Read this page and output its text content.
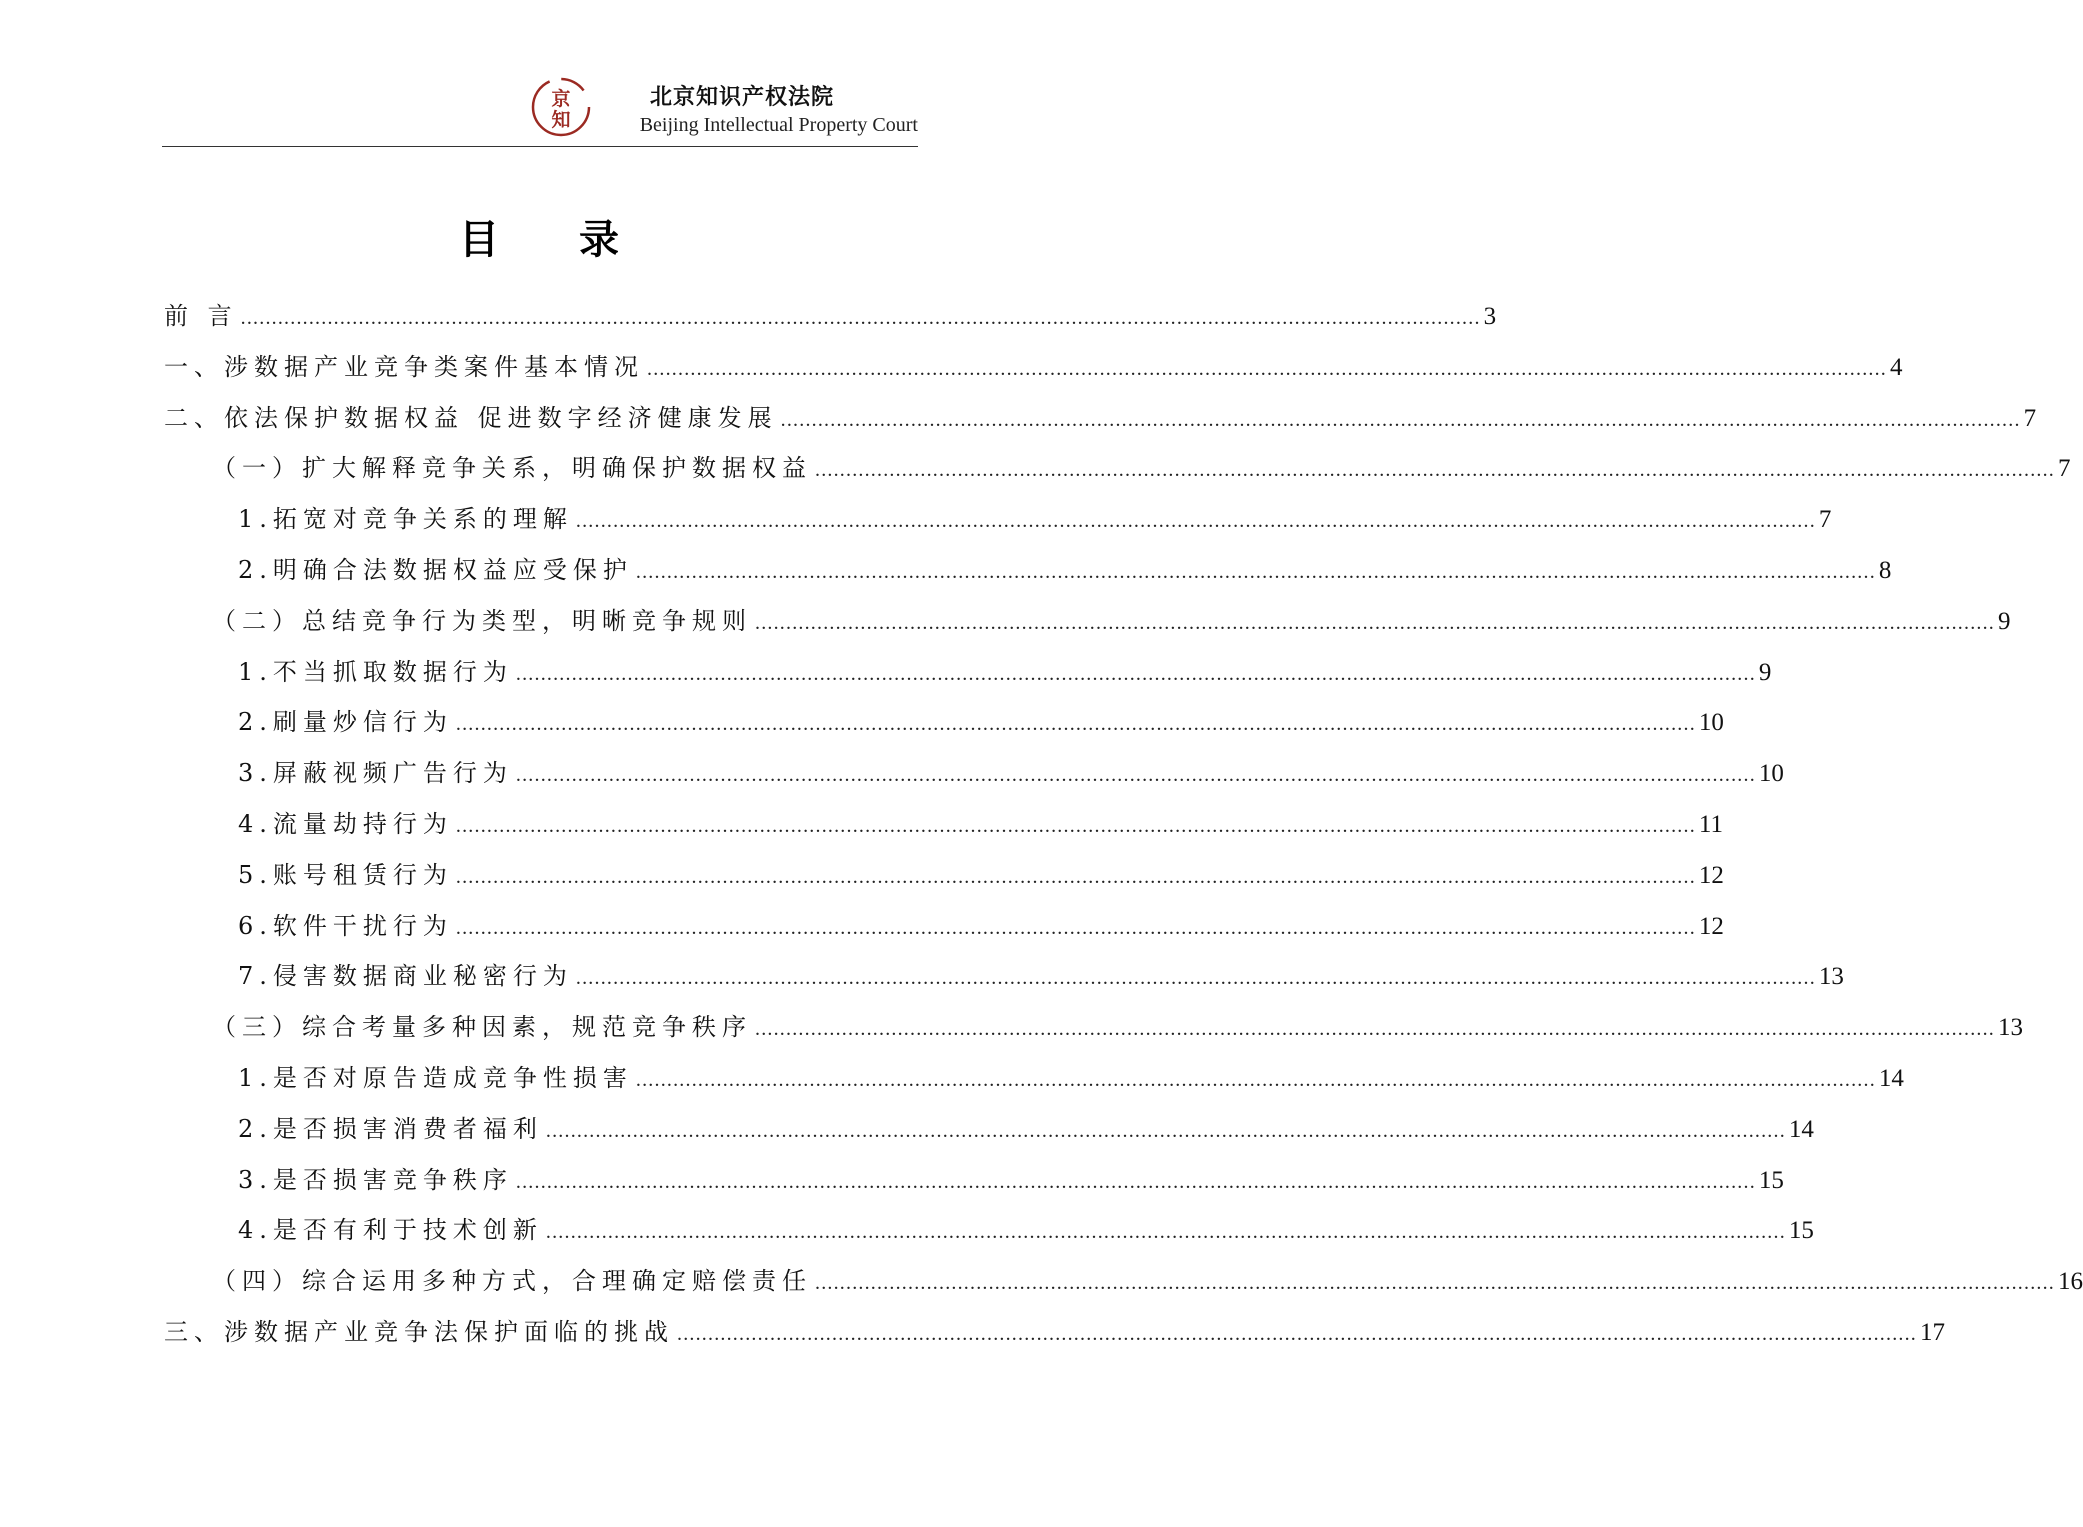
京
知
北京知识产权法院
Beijing Intellectual Property Court
目 录
前 言 ........................................................................................................................................................................................................ 3
一、涉数据产业竞争类案件基本情况 ........................................................................................................................................................................................................ 4
二、依法保护数据权益 促进数字经济健康发展 ........................................................................................................................................................................................................ 7
（一）扩大解释竞争关系，明确保护数据权益 ........................................................................................................................................................................................................ 7
1.拓宽对竞争关系的理解 ........................................................................................................................................................................................................ 7
2.明确合法数据权益应受保护 ........................................................................................................................................................................................................ 8
（二）总结竞争行为类型，明晰竞争规则 ........................................................................................................................................................................................................ 9
1.不当抓取数据行为 ........................................................................................................................................................................................................ 9
2.刷量炒信行为 ........................................................................................................................................................................................................ 10
3.屏蔽视频广告行为 ........................................................................................................................................................................................................ 10
4.流量劫持行为 ........................................................................................................................................................................................................ 11
5.账号租赁行为 ........................................................................................................................................................................................................ 12
6.软件干扰行为 ........................................................................................................................................................................................................ 12
7.侵害数据商业秘密行为 ........................................................................................................................................................................................................ 13
（三）综合考量多种因素，规范竞争秩序 ........................................................................................................................................................................................................ 13
1.是否对原告造成竞争性损害 ........................................................................................................................................................................................................ 14
2.是否损害消费者福利 ........................................................................................................................................................................................................ 14
3.是否损害竞争秩序 ........................................................................................................................................................................................................ 15
4.是否有利于技术创新 ........................................................................................................................................................................................................ 15
（四）综合运用多种方式，合理确定赔偿责任 ........................................................................................................................................................................................................ 16
三、涉数据产业竞争法保护面临的挑战 ........................................................................................................................................................................................................ 17
